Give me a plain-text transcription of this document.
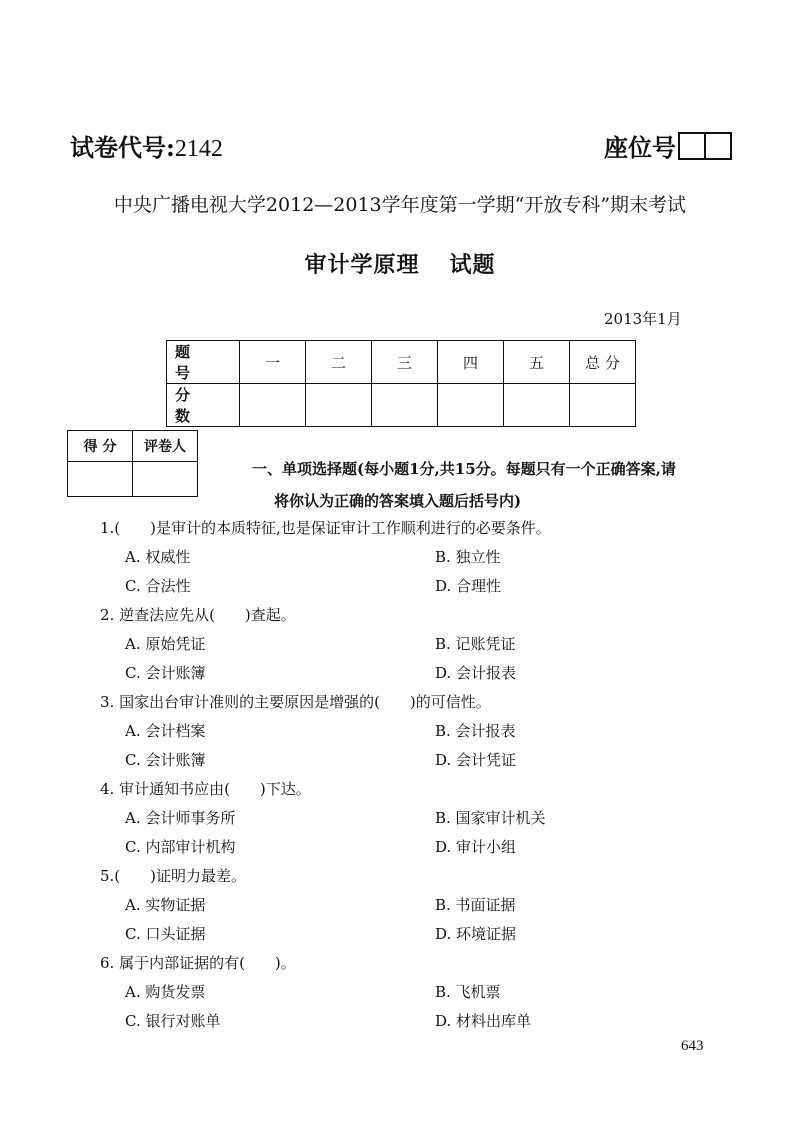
试卷代号:2142	座位号
中央广播电视大学2012—2013学年度第一学期“开放专科”期末考试
审计学原理 试题
2013年1月
题 号	一	二	三	四	五	总 分
分 数						
得 分	评卷人

一、单项选择题(每小题1分,共15分。每题只有一个正确答案,请
将你认为正确的答案填入题后括号内)
1.(　　)是审计的本质特征,也是保证审计工作顺利进行的必要条件。
A. 权威性	B. 独立性
C. 合法性	D. 合理性
2. 逆查法应先从(　　)查起。
A. 原始凭证	B. 记账凭证
C. 会计账簿	D. 会计报表
3. 国家出台审计准则的主要原因是增强的(　　)的可信性。
A. 会计档案	B. 会计报表
C. 会计账簿	D. 会计凭证
4. 审计通知书应由(　　)下达。
A. 会计师事务所	B. 国家审计机关
C. 内部审计机构	D. 审计小组
5.(　　)证明力最差。
A. 实物证据	B. 书面证据
C. 口头证据	D. 环境证据
6. 属于内部证据的有(　　)。
A. 购货发票	B. 飞机票
C. 银行对账单	D. 材料出库单
643
